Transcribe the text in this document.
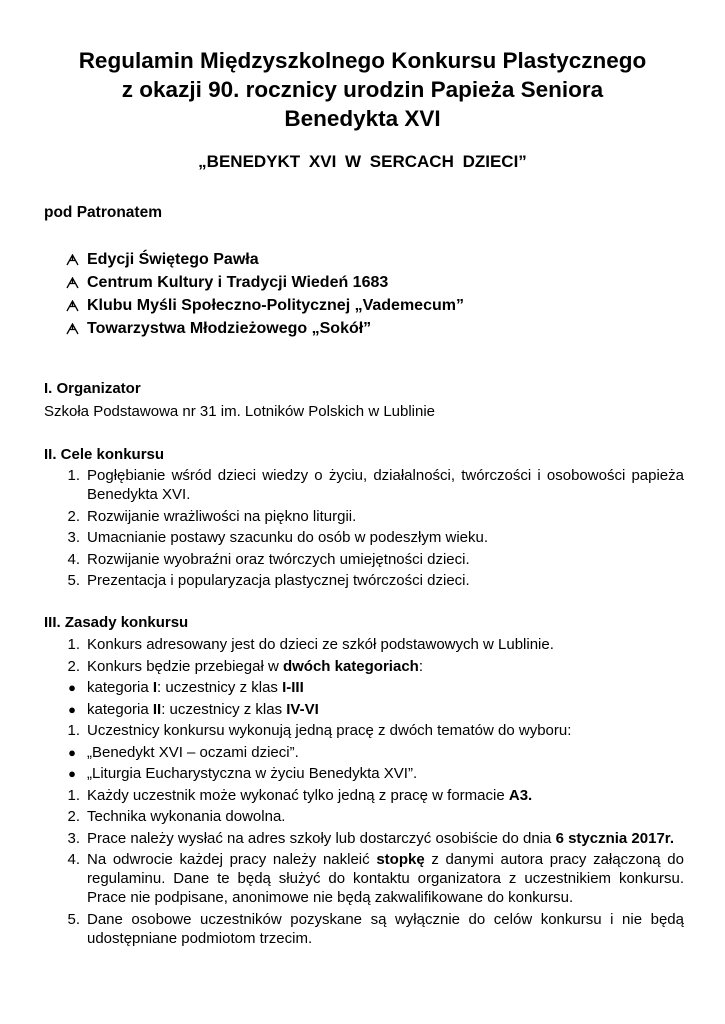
Regulamin Międzyszkolnego Konkursu Plastycznego
z okazji 90. rocznicy urodzin Papieża Seniora
Benedykta XVI
„BENEDYKT XVI W SERCACH DZIECI”
pod Patronatem
Edycji Świętego Pawła
Centrum Kultury i Tradycji Wiedeń 1683
Klubu Myśli Społeczno-Politycznej „Vademecum”
Towarzystwa Młodzieżowego „Sokół”
I. Organizator
Szkoła Podstawowa nr 31 im. Lotników Polskich w Lublinie
II. Cele konkursu
1. Pogłębianie wśród dzieci wiedzy o życiu, działalności, twórczości i osobowości papieża Benedykta XVI.
2. Rozwijanie wrażliwości na piękno liturgii.
3. Umacnianie postawy szacunku do osób w podeszłym wieku.
4. Rozwijanie wyobraźni oraz twórczych umiejętności dzieci.
5. Prezentacja i popularyzacja plastycznej twórczości dzieci.
III. Zasady konkursu
1. Konkurs adresowany jest do dzieci ze szkół podstawowych w Lublinie.
2. Konkurs będzie przebiegał w dwóch kategoriach:
● kategoria I: uczestnicy z klas I-III
● kategoria II: uczestnicy z klas IV-VI
1. Uczestnicy konkursu wykonują jedną pracę z dwóch tematów do wyboru:
● „Benedykt XVI – oczami dzieci”.
● „Liturgia Eucharystyczna w życiu Benedykta XVI”.
1. Każdy uczestnik może wykonać tylko jedną z pracę w formacie A3.
2. Technika wykonania dowolna.
3. Prace należy wysłać na adres szkoły lub dostarczyć osobiście do dnia 6 stycznia 2017r.
4. Na odwrocie każdej pracy należy nakleić stopkę z danymi autora pracy załączoną do regulaminu. Dane te będą służyć do kontaktu organizatora z uczestnikiem konkursu. Prace nie podpisane, anonimowe nie będą zakwalifikowane do konkursu.
5. Dane osobowe uczestników pozyskane są wyłącznie do celów konkursu i nie będą udostępniane podmiotom trzecim.
